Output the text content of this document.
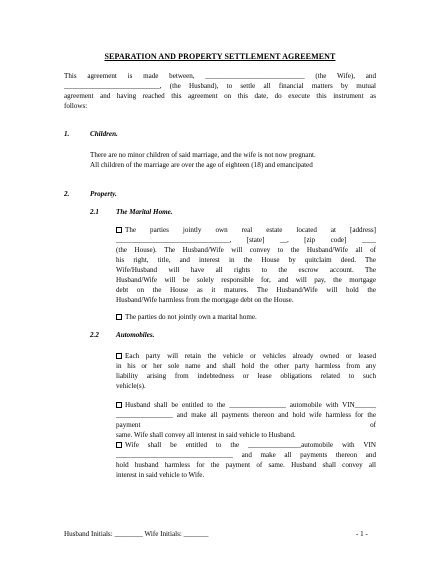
SEPARATION AND PROPERTY SETTLEMENT AGREEMENT

This agreement is made between, ____________________________ (the Wife), and

___________________________, (the Husband), to settle all financial matters by mutual

agreement and having reached this agreement on this date, do execute this instrument as

follows:

1.	Children.

There are no minor children of said marriage, and the wife is not now pregnant.

All children of the marriage are over the age of eighteen (18) and emancipated

2.	Property.
2.1 The Marital Home.

The parties jointly own real estate located at [address]

________________________________, [state] __, [zip code] ____

(the House). The Husband/Wife will convey to the Husband/Wife all of

his right, title, and interest in the House by quitclaim deed. The

Wife/Husband will have all rights to the escrow account. The

Husband/Wife will be solely responsible for, and will pay, the mortgage

debt on the House as it matures. The Husband/Wife will hold the

Husband/Wife harmless from the mortgage debt on the House.

The parties do not jointly own a marital home.

2.2 Automobiles.

Each party will retain the vehicle or vehicles already owned or leased

in his or her sole name and shall hold the other party harmless from any

liability arising from indebtedness or lease obligations related to such

vehicle(s).

Husband shall be entitled to the ________________ automobile with VIN______

________________ and make all payments thereon and hold wife harmless for the payment of

same. Wife shall convey all interest in said vehicle to Husband.

Wife shall be entitled to the _______________automobile with VIN

_________________________________ and make all payments thereon and

hold husband harmless for the payment of same. Husband shall convey all

interest in said vehicle to Wife.

Husband Initials: ________ Wife Initials: _______	- 1 -
